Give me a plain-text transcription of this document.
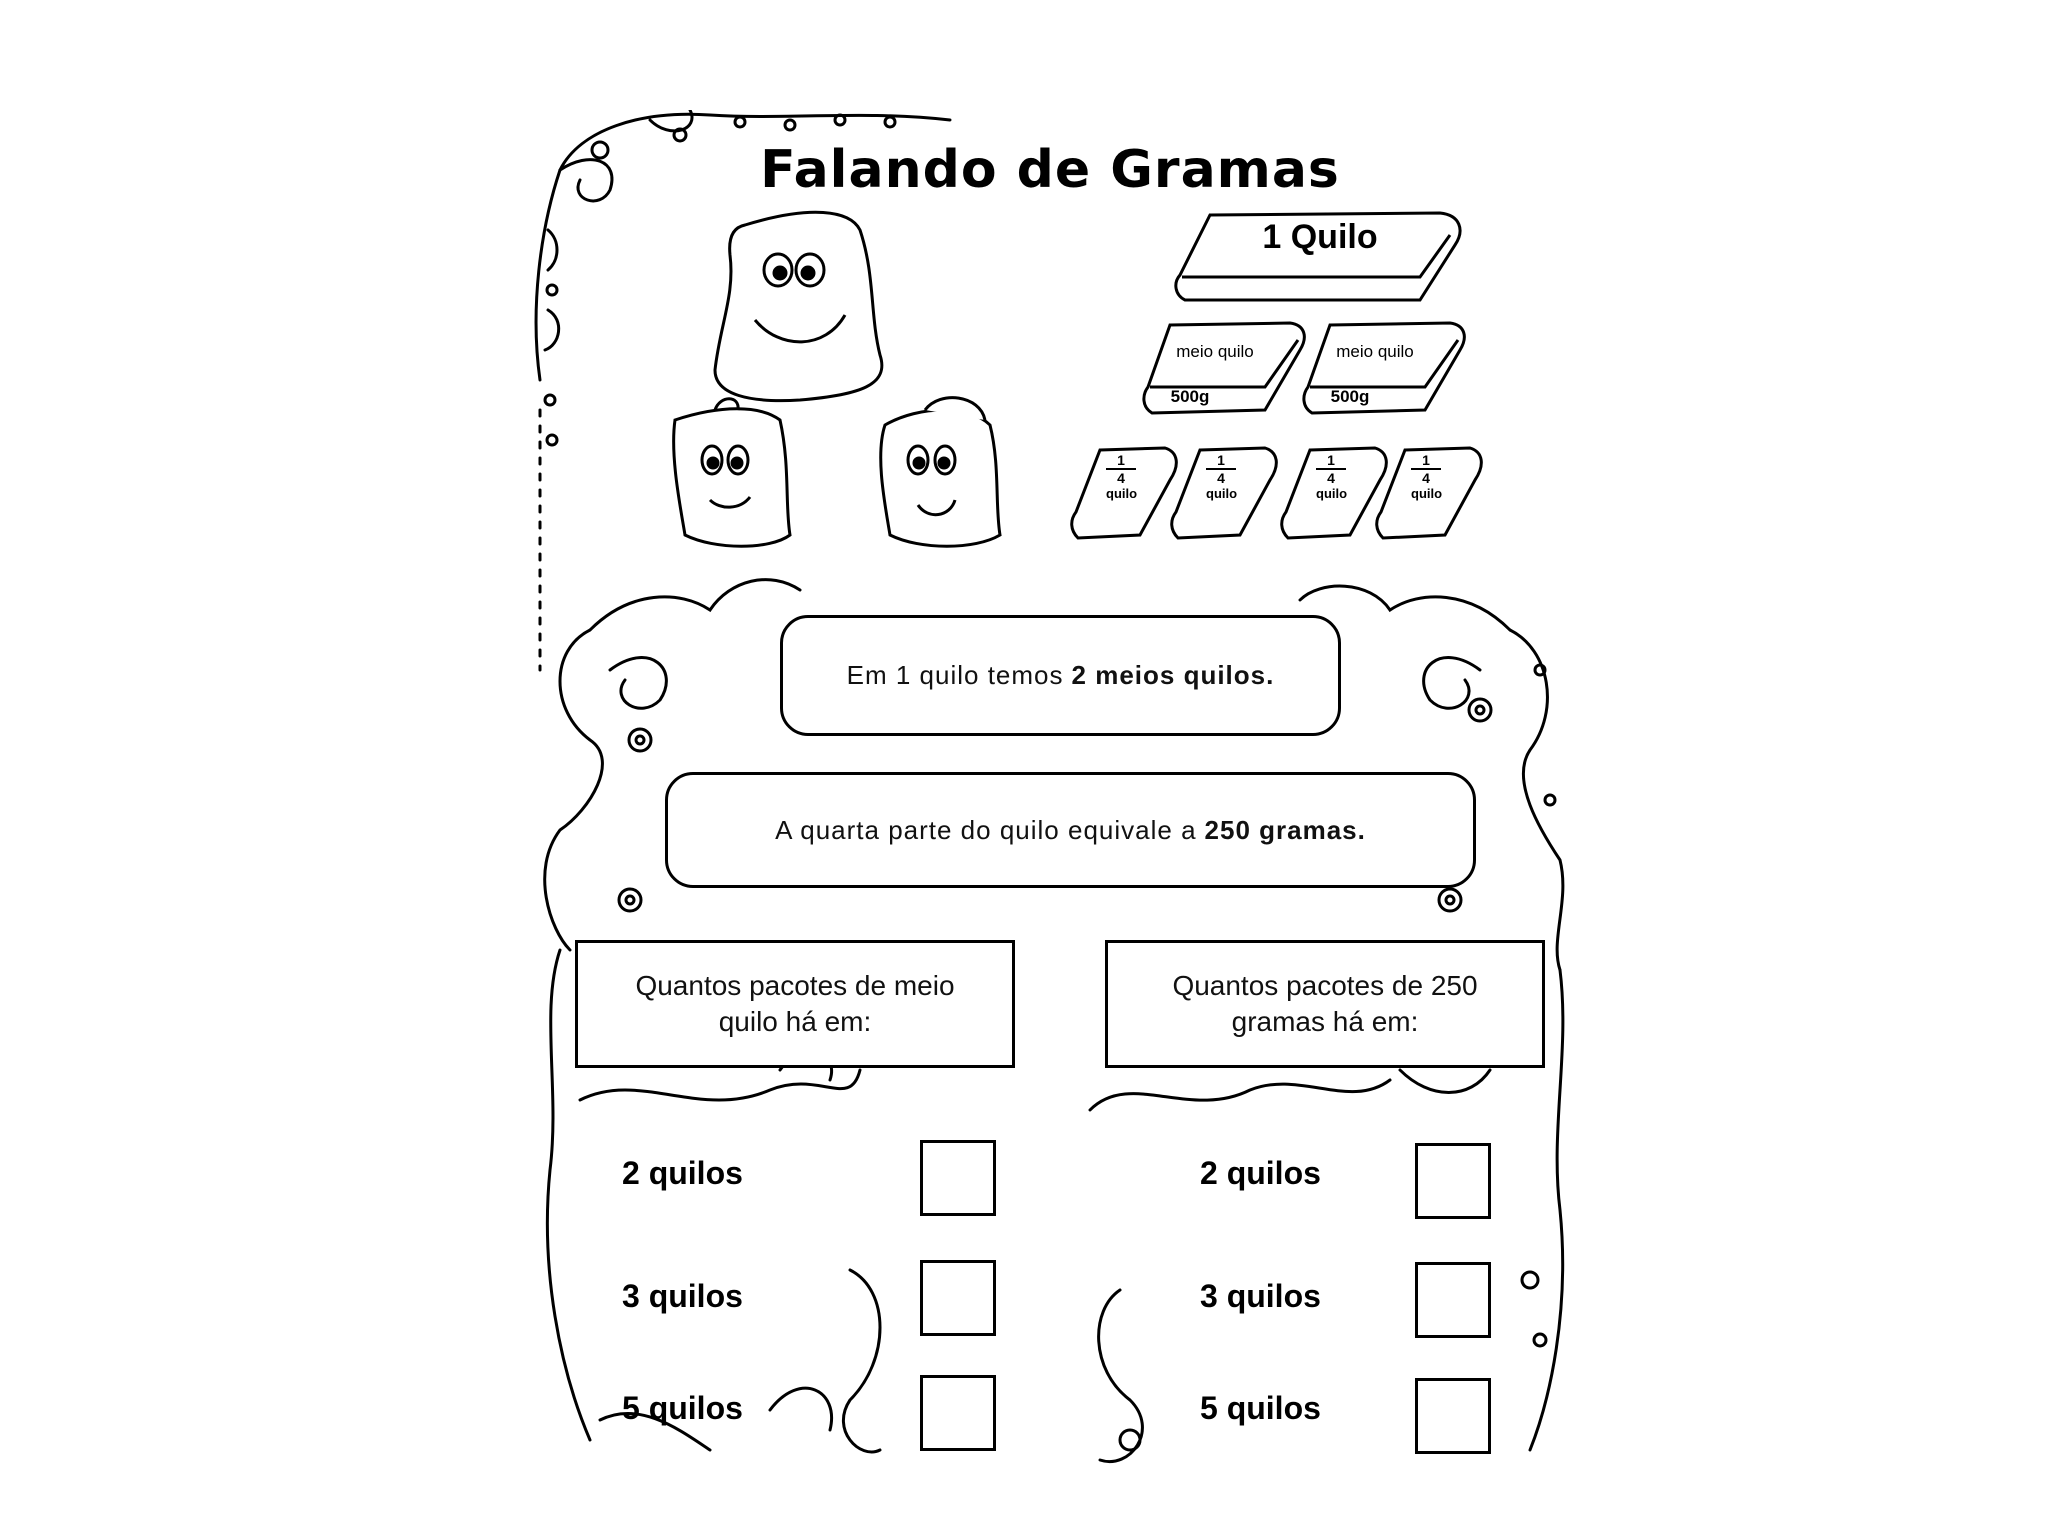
Falando de Gramas
1 Quilo
meio quilo
500g
meio quilo
500g
1
4
quilo
1
4
quilo
1
4
quilo
1
4
quilo
Em 1 quilo temos 2 meios quilos.
A quarta parte do quilo equivale a 250 gramas.
Quantos pacotes de meio quilo há em:
Quantos pacotes de 250 gramas há em:
2 quilos
3 quilos
5 quilos
2 quilos
3 quilos
5 quilos
